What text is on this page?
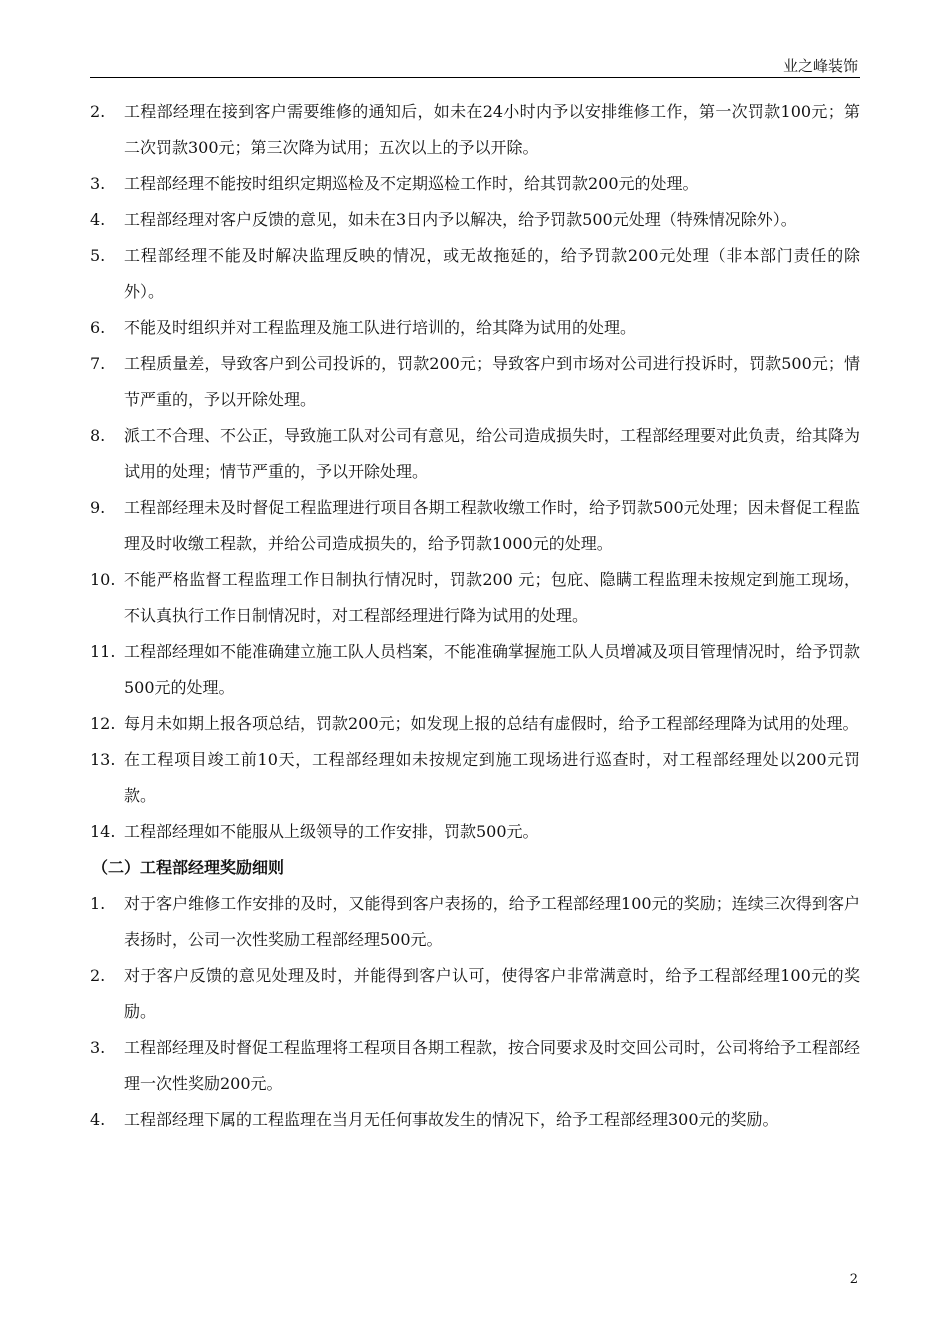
业之峰装饰
2.	工程部经理在接到客户需要维修的通知后，如未在24小时内予以安排维修工作，第一次罚款100元；第二次罚款300元；第三次降为试用；五次以上的予以开除。
3.	工程部经理不能按时组织定期巡检及不定期巡检工作时，给其罚款200元的处理。
4.	工程部经理对客户反馈的意见，如未在3日内予以解决，给予罚款500元处理（特殊情况除外）。
5.	工程部经理不能及时解决监理反映的情况，或无故拖延的，给予罚款200元处理（非本部门责任的除外）。
6.	不能及时组织并对工程监理及施工队进行培训的，给其降为试用的处理。
7.	工程质量差，导致客户到公司投诉的，罚款200元；导致客户到市场对公司进行投诉时，罚款500元；情节严重的，予以开除处理。
8.	派工不合理、不公正，导致施工队对公司有意见，给公司造成损失时，工程部经理要对此负责，给其降为试用的处理；情节严重的，予以开除处理。
9.	工程部经理未及时督促工程监理进行项目各期工程款收缴工作时，给予罚款500元处理；因未督促工程监理及时收缴工程款，并给公司造成损失的，给予罚款1000元的处理。
10. 不能严格监督工程监理工作日制执行情况时，罚款200 元；包庇、隐瞒工程监理未按规定到施工现场，不认真执行工作日制情况时，对工程部经理进行降为试用的处理。
11. 工程部经理如不能准确建立施工队人员档案，不能准确掌握施工队人员增减及项目管理情况时，给予罚款500元的处理。
12. 每月未如期上报各项总结，罚款200元；如发现上报的总结有虚假时，给予工程部经理降为试用的处理。
13. 在工程项目竣工前10天，工程部经理如未按规定到施工现场进行巡查时，对工程部经理处以200元罚款。
14. 工程部经理如不能服从上级领导的工作安排，罚款500元。
（二）工程部经理奖励细则
1.	对于客户维修工作安排的及时，又能得到客户表扬的，给予工程部经理100元的奖励；连续三次得到客户表扬时，公司一次性奖励工程部经理500元。
2.	对于客户反馈的意见处理及时，并能得到客户认可，使得客户非常满意时，给予工程部经理100元的奖励。
3.	工程部经理及时督促工程监理将工程项目各期工程款，按合同要求及时交回公司时，公司将给予工程部经理一次性奖励200元。
4.	工程部经理下属的工程监理在当月无任何事故发生的情况下，给予工程部经理300元的奖励。
2
